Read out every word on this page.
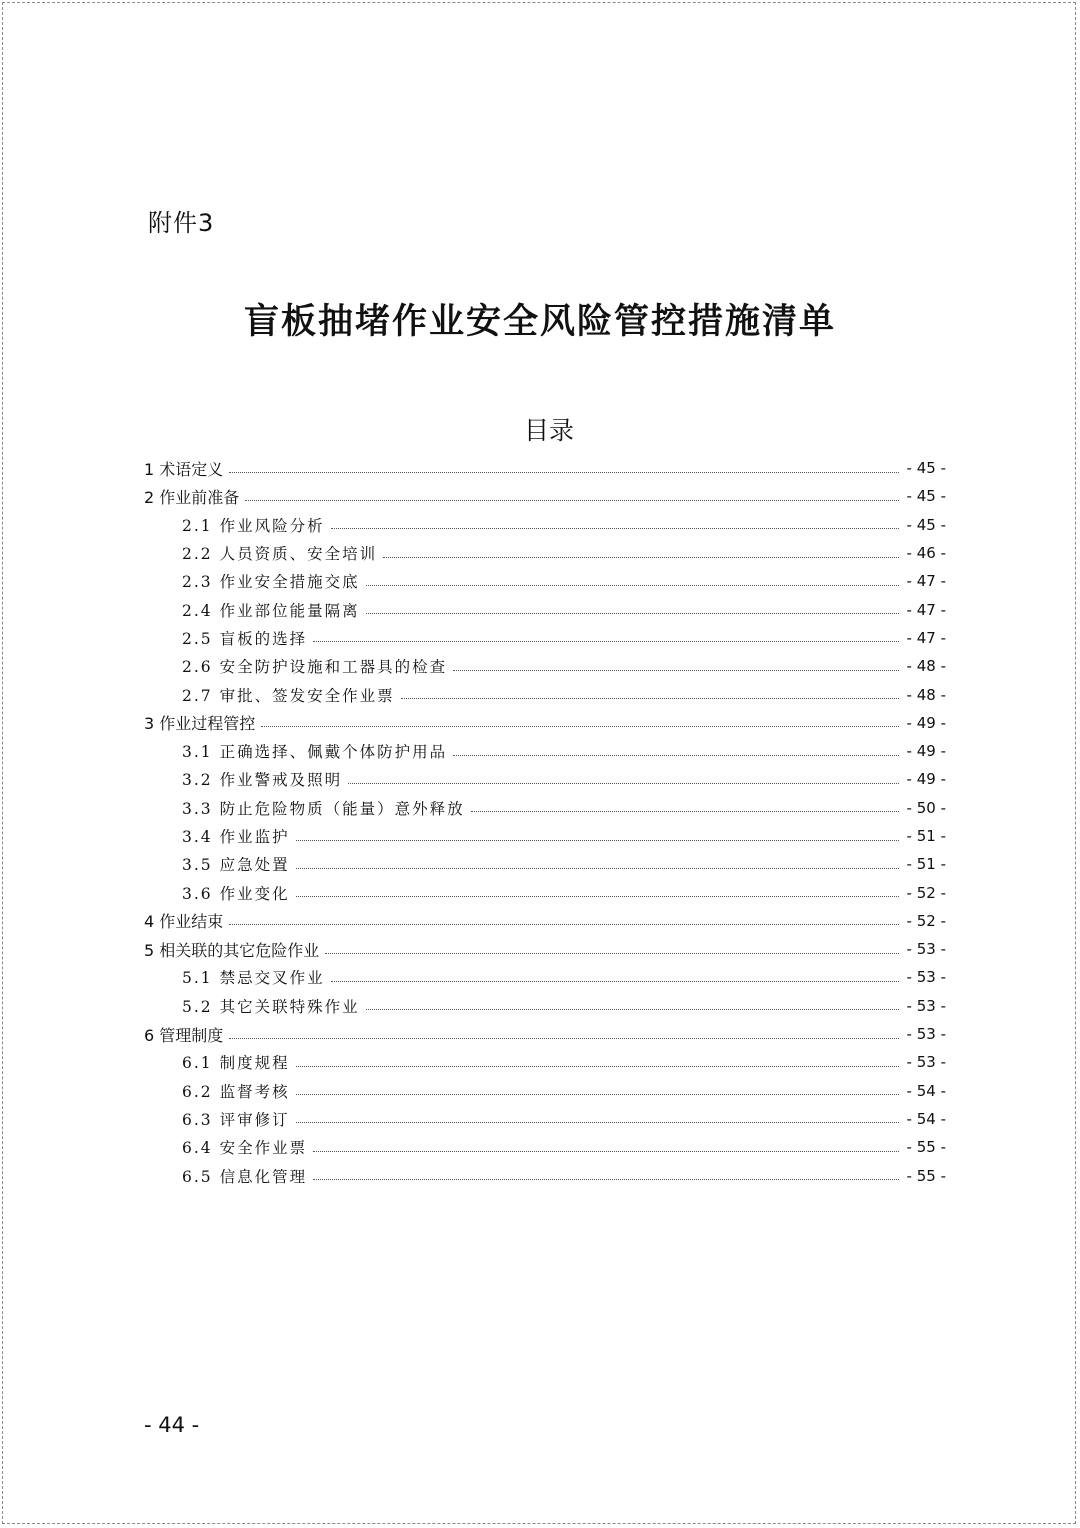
附件3
盲板抽堵作业安全风险管控措施清单
目录
1 术语定义	- 45 -
2 作业前准备	- 45 -
2.1 作业风险分析	- 45 -
2.2 人员资质、安全培训	- 46 -
2.3 作业安全措施交底	- 47 -
2.4 作业部位能量隔离	- 47 -
2.5 盲板的选择	- 47 -
2.6 安全防护设施和工器具的检查	- 48 -
2.7 审批、签发安全作业票	- 48 -
3 作业过程管控	- 49 -
3.1 正确选择、佩戴个体防护用品	- 49 -
3.2 作业警戒及照明	- 49 -
3.3 防止危险物质（能量）意外释放	- 50 -
3.4 作业监护	- 51 -
3.5 应急处置	- 51 -
3.6 作业变化	- 52 -
4 作业结束	- 52 -
5 相关联的其它危险作业	- 53 -
5.1 禁忌交叉作业	- 53 -
5.2 其它关联特殊作业	- 53 -
6 管理制度	- 53 -
6.1 制度规程	- 53 -
6.2 监督考核	- 54 -
6.3 评审修订	- 54 -
6.4 安全作业票	- 55 -
6.5 信息化管理	- 55 -
- 44 -
